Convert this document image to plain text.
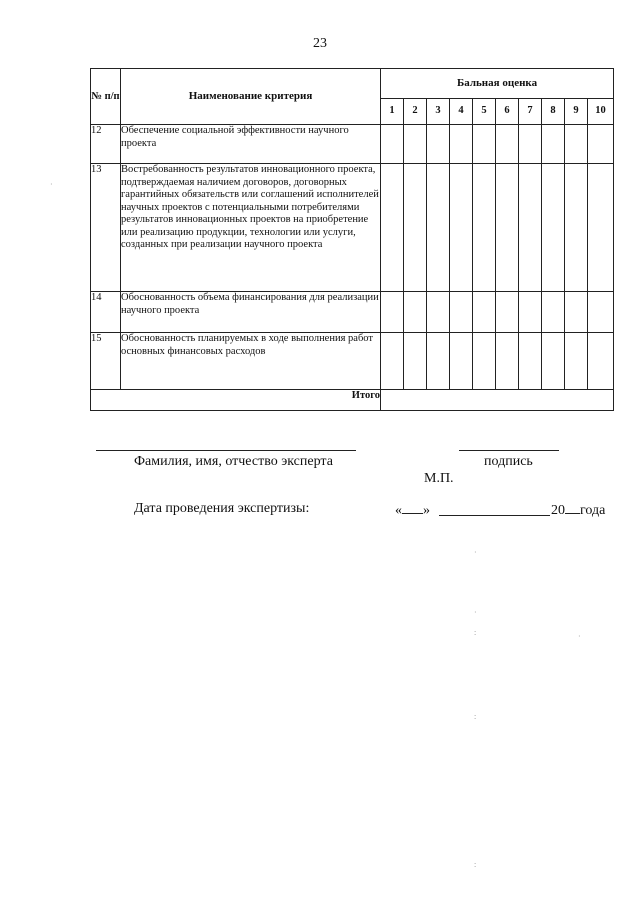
23
№ п/п	Наименование критерия	Бальная оценка									
		1	2	3	4	5	6	7	8	9	10
12	Обеспечение социальной эффективности научного проекта										
13	Востребованность результатов инновационного проекта, подтверждаемая наличием договоров, договорных гарантийных обязательств или соглашений исполнителей научных проектов с потенциальными потребителями результатов инновационных проектов на приобретение или реализацию продукции, технологии или услуги, созданных при реализации научного проекта										
14	Обоснованность объема финансирования для реализации научного проекта										
15	Обоснованность планируемых в ходе выполнения работ основных финансовых расходов										
Итого											
Фамилия, имя, отчество эксперта	подпись
М.П.
Дата проведения экспертизы:	« »	20 года
·
·
:	·
:
:
·
